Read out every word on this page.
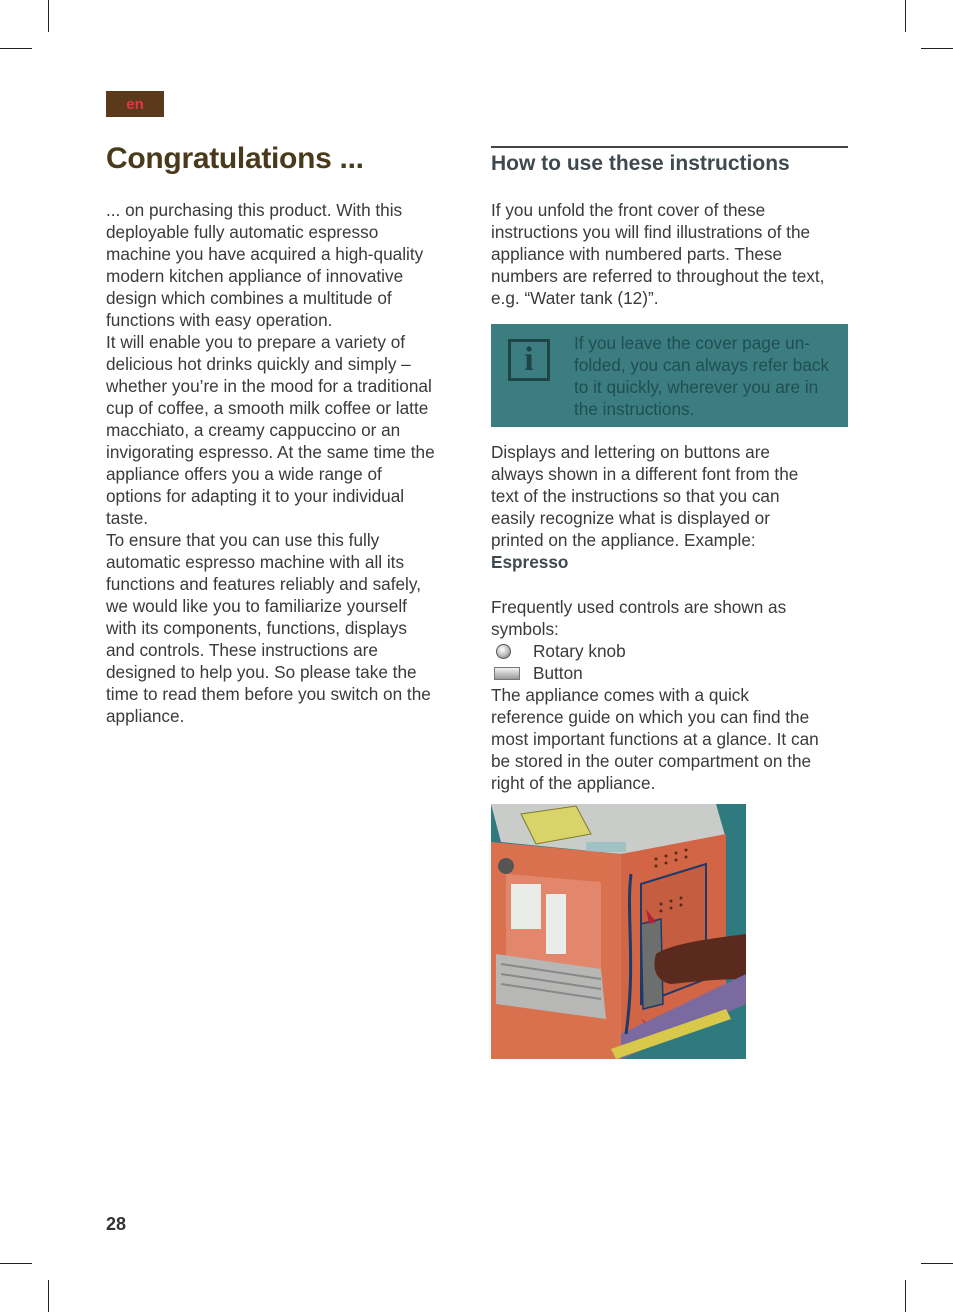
en
Congratulations ...
... on purchasing this product. With this
deployable fully automatic espresso
machine you have acquired a high-quality
modern kitchen appliance of innovative
design which combines a multitude of
functions with easy operation.
It will enable you to prepare a variety of
delicious hot drinks quickly and simply –
whether you’re in the mood for a traditional
cup of coffee, a smooth milk coffee or latte
macchiato, a creamy cappuccino or an
invigorating espresso. At the same time the
appliance offers you a wide range of
options for adapting it to your individual
taste.
To ensure that you can use this fully
automatic espresso machine with all its
functions and features reliably and safely,
we would like you to familiarize yourself
with its components, functions, displays
and controls. These instructions are
designed to help you. So please take the
time to read them before you switch on the
appliance.
How to use these instructions
If you unfold the front cover of these
instructions you will find illustrations of the
appliance with numbered parts. These
numbers are referred to throughout the text,
e.g. “Water tank (12)”.
i	If you leave the cover page un-
folded, you can always refer back
to it quickly, wherever you are in
the instructions.
Displays and lettering on buttons are
always shown in a different font from the
text of the instructions so that you can
easily recognize what is displayed or
printed on the appliance. Example:
Espresso
Frequently used controls are shown as
symbols:
Rotary knob
Button
The appliance comes with a quick
reference guide on which you can find the
most important functions at a glance. It can
be stored in the outer compartment on the
right of the appliance.
28
